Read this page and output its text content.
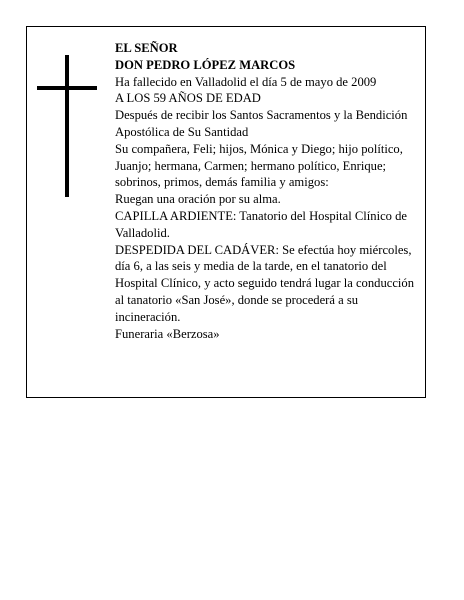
EL SEÑOR

DON PEDRO LÓPEZ MARCOS

Ha fallecido en Valladolid el día 5 de mayo de 2009

A LOS 59 AÑOS DE EDAD

Después de recibir los Santos Sacramentos y la Bendición Apostólica de Su Santidad

Su compañera, Feli; hijos, Mónica y Diego; hijo político, Juanjo; hermana, Carmen; hermano político, Enrique; sobrinos, primos, demás familia y amigos:

Ruegan una oración por su alma.

CAPILLA ARDIENTE: Tanatorio del Hospital Clínico de Valladolid.

DESPEDIDA DEL CADÁVER: Se efectúa hoy miércoles, día 6, a las seis y media de la tarde, en el tanatorio del Hospital Clínico, y acto seguido tendrá lugar la conducción al tanatorio «San José», donde se procederá a su incineración.

Funeraria «Berzosa»
